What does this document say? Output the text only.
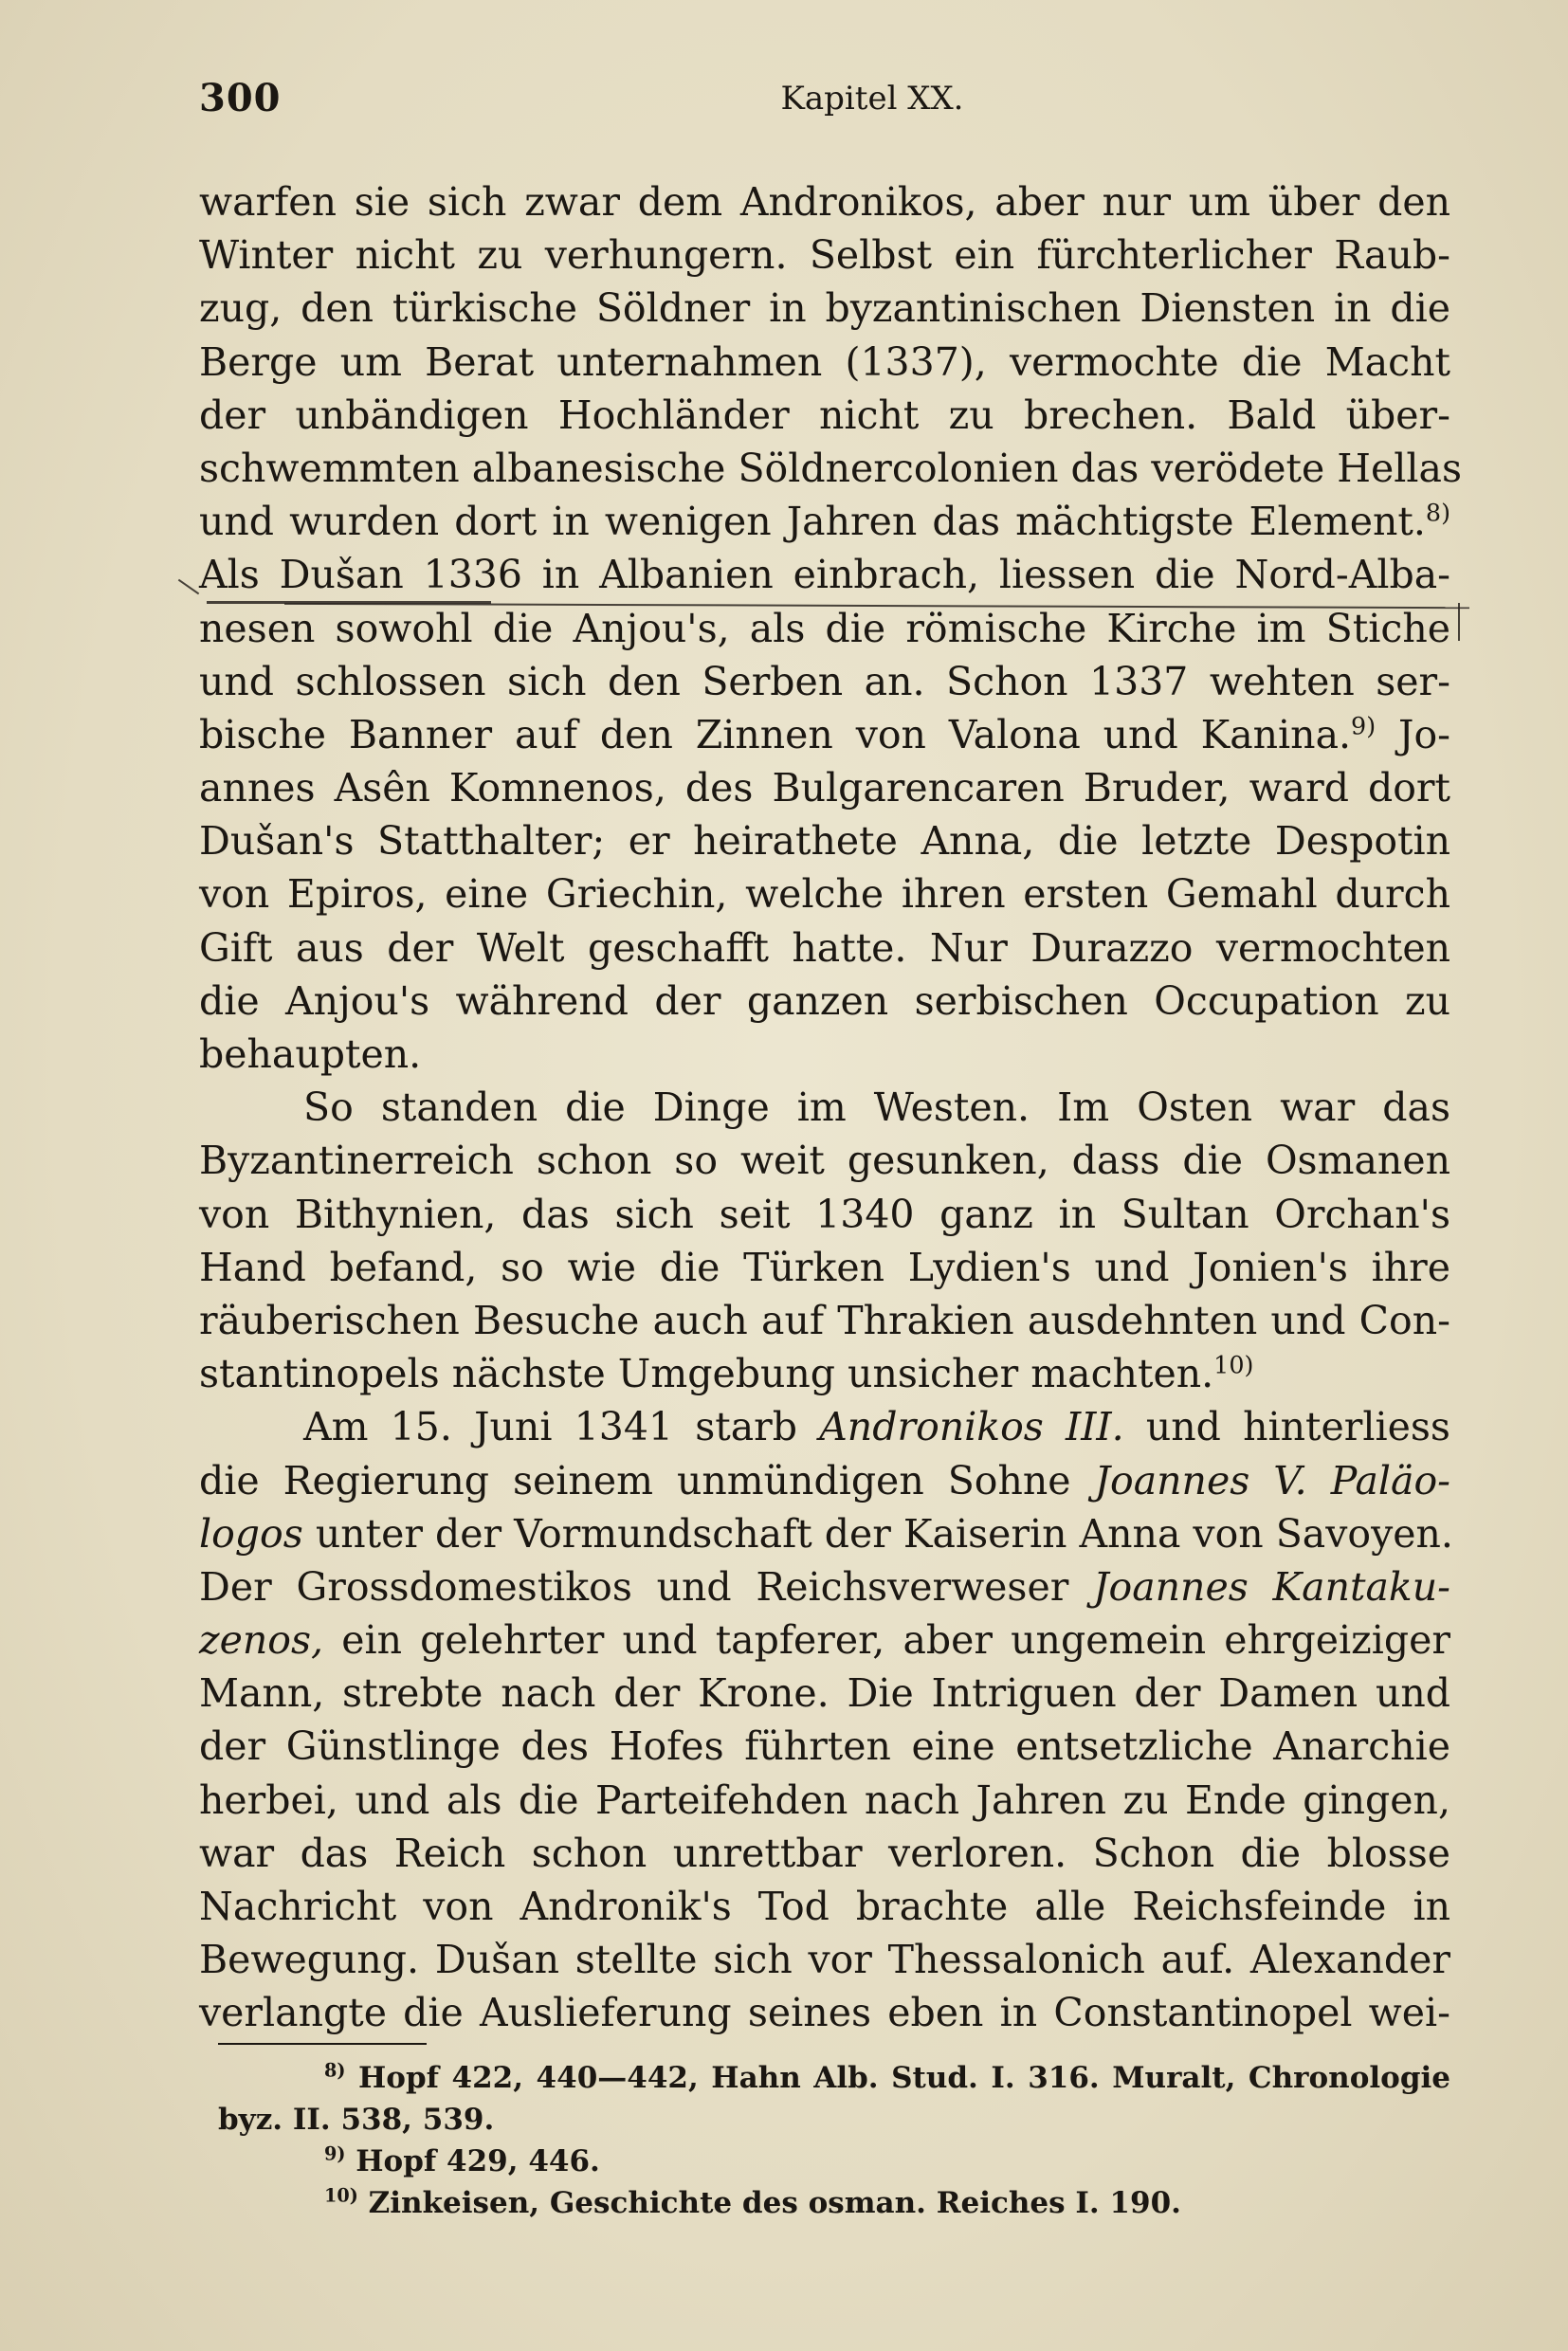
300	Kapitel XX.

warfen sie sich zwar dem Andronikos, aber nur um über den
Winter nicht zu verhungern. Selbst ein fürchterlicher Raub-
zug, den türkische Söldner in byzantinischen Diensten in die
Berge um Berat unternahmen (1337), vermochte die Macht
der unbändigen Hochländer nicht zu brechen. Bald über-
schwemmten albanesische Söldnercolonien das verödete Hellas
und wurden dort in wenigen Jahren das mächtigste Element.$^{8)}$
Als Dušan 1336 in Albanien einbrach, liessen die Nord-Alba-
nesen sowohl die Anjou's, als die römische Kirche im Stiche
und schlossen sich den Serben an. Schon 1337 wehten ser-
bische Banner auf den Zinnen von Valona und Kanina.$^{9)}$ Jo-
annes Asên Komnenos, des Bulgarencaren Bruder, ward dort
Dušan's Statthalter; er heirathete Anna, die letzte Despotin
von Epiros, eine Griechin, welche ihren ersten Gemahl durch
Gift aus der Welt geschafft hatte. Nur Durazzo vermochten
die Anjou's während der ganzen serbischen Occupation zu
behaupten.

So standen die Dinge im Westen. Im Osten war das
Byzantinerreich schon so weit gesunken, dass die Osmanen
von Bithynien, das sich seit 1340 ganz in Sultan Orchan's
Hand befand, so wie die Türken Lydien's und Jonien's ihre
räuberischen Besuche auch auf Thrakien ausdehnten und Con-
stantinopels nächste Umgebung unsicher machten.$^{10)}$

Am 15. Juni 1341 starb Andronikos III. und hinterliess
die Regierung seinem unmündigen Sohne Joannes V. Paläo-
logos unter der Vormundschaft der Kaiserin Anna von Savoyen.
Der Grossdomestikos und Reichsverweser Joannes Kantaku-
zenos, ein gelehrter und tapferer, aber ungemein ehrgeiziger
Mann, strebte nach der Krone. Die Intriguen der Damen und
der Günstlinge des Hofes führten eine entsetzliche Anarchie
herbei, und als die Parteifehden nach Jahren zu Ende gingen,
war das Reich schon unrettbar verloren. Schon die blosse
Nachricht von Andronik's Tod brachte alle Reichsfeinde in
Bewegung. Dušan stellte sich vor Thessalonich auf. Alexander
verlangte die Auslieferung seines eben in Constantinopel wei-

$^{8)}$ Hopf 422, 440—442, Hahn Alb. Stud. I. 316. Muralt, Chronologie
byz. II. 538, 539.
$^{9)}$ Hopf 429, 446.
$^{10)}$ Zinkeisen, Geschichte des osman. Reiches I. 190.
